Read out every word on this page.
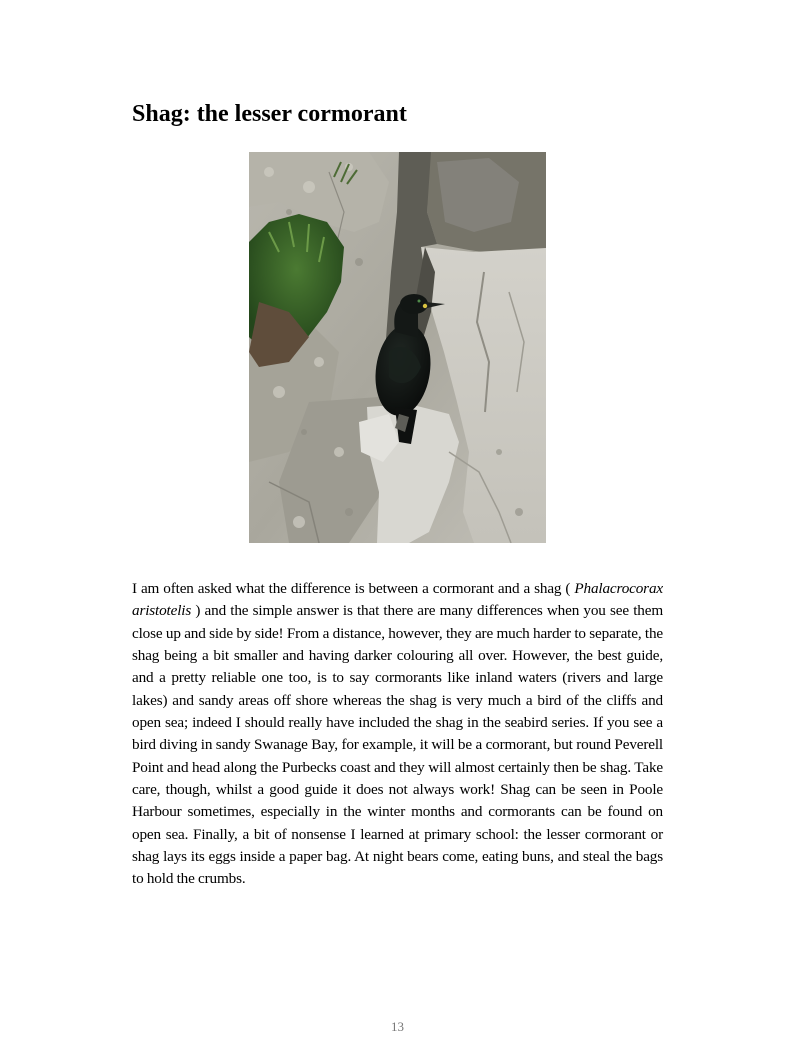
Shag: the lesser cormorant

I am often asked what the difference is between a cormorant and a shag ( Phalacrocorax aristotelis ) and the simple answer is that there are many differences when you see them close up and side by side! From a distance, however, they are much harder to separate, the shag being a bit smaller and having darker colouring all over. However, the best guide, and a pretty reliable one too, is to say cormorants like inland waters (rivers and large lakes) and sandy areas off shore whereas the shag is very much a bird of the cliffs and open sea; indeed I should really have included the shag in the seabird series. If you see a bird diving in sandy Swanage Bay, for example, it will be a cormorant, but round Peverell Point and head along the Purbecks coast and they will almost certainly then be shag. Take care, though, whilst a good guide it does not always work! Shag can be seen in Poole Harbour sometimes, especially in the winter months and cormorants can be found on open sea. Finally, a bit of nonsense I learned at primary school: the lesser cormorant or shag lays its eggs inside a paper bag. At night bears come, eating buns, and steal the bags to hold the crumbs.

13
